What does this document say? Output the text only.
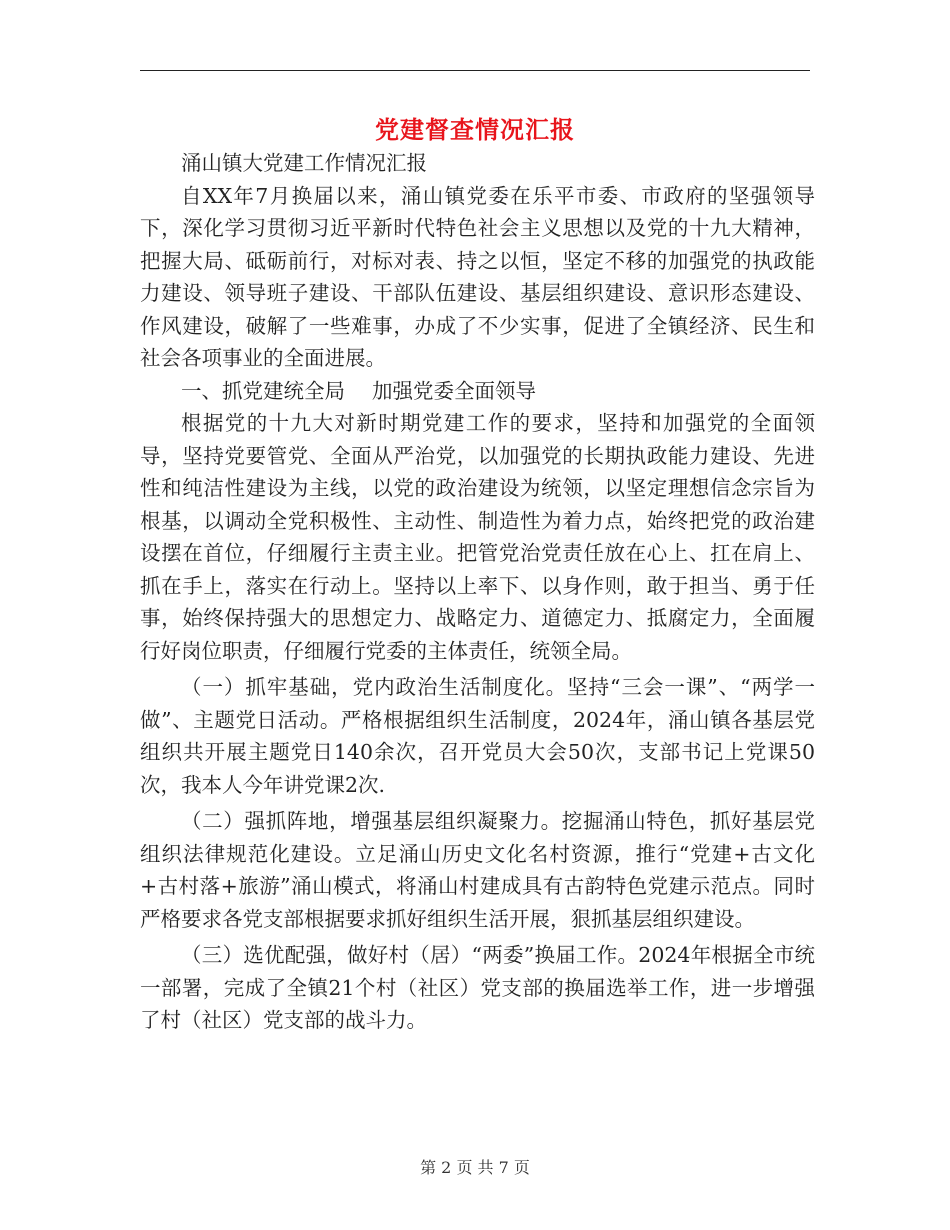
党建督查情况汇报

涌山镇大党建工作情况汇报

自XX年7月换届以来，涌山镇党委在乐平市委、市政府的坚强领导下，深化学习贯彻习近平新时代特色社会主义思想以及党的十九大精神，把握大局、砥砺前行，对标对表、持之以恒，坚定不移的加强党的执政能力建设、领导班子建设、干部队伍建设、基层组织建设、意识形态建设、作风建设，破解了一些难事，办成了不少实事，促进了全镇经济、民生和社会各项事业的全面进展。

一、抓党建统全局　 加强党委全面领导

根据党的十九大对新时期党建工作的要求，坚持和加强党的全面领导，坚持党要管党、全面从严治党，以加强党的长期执政能力建设、先进性和纯洁性建设为主线，以党的政治建设为统领，以坚定理想信念宗旨为根基，以调动全党积极性、主动性、制造性为着力点，始终把党的政治建设摆在首位，仔细履行主责主业。把管党治党责任放在心上、扛在肩上、抓在手上，落实在行动上。坚持以上率下、以身作则，敢于担当、勇于任事，始终保持强大的思想定力、战略定力、道德定力、抵腐定力，全面履行好岗位职责，仔细履行党委的主体责任，统领全局。

（一）抓牢基础，党内政治生活制度化。坚持“三会一课”、“两学一做”、主题党日活动。严格根据组织生活制度，2024年，涌山镇各基层党组织共开展主题党日140余次，召开党员大会50次，支部书记上党课50次，我本人今年讲党课2次.

（二）强抓阵地，增强基层组织凝聚力。挖掘涌山特色，抓好基层党组织法律规范化建设。立足涌山历史文化名村资源，推行“党建+古文化+古村落+旅游”涌山模式，将涌山村建成具有古韵特色党建示范点。同时严格要求各党支部根据要求抓好组织生活开展，狠抓基层组织建设。

（三）选优配强，做好村（居）“两委”换届工作。2024年根据全市统一部署，完成了全镇21个村（社区）党支部的换届选举工作，进一步增强了村（社区）党支部的战斗力。

第 2 页 共 7 页
